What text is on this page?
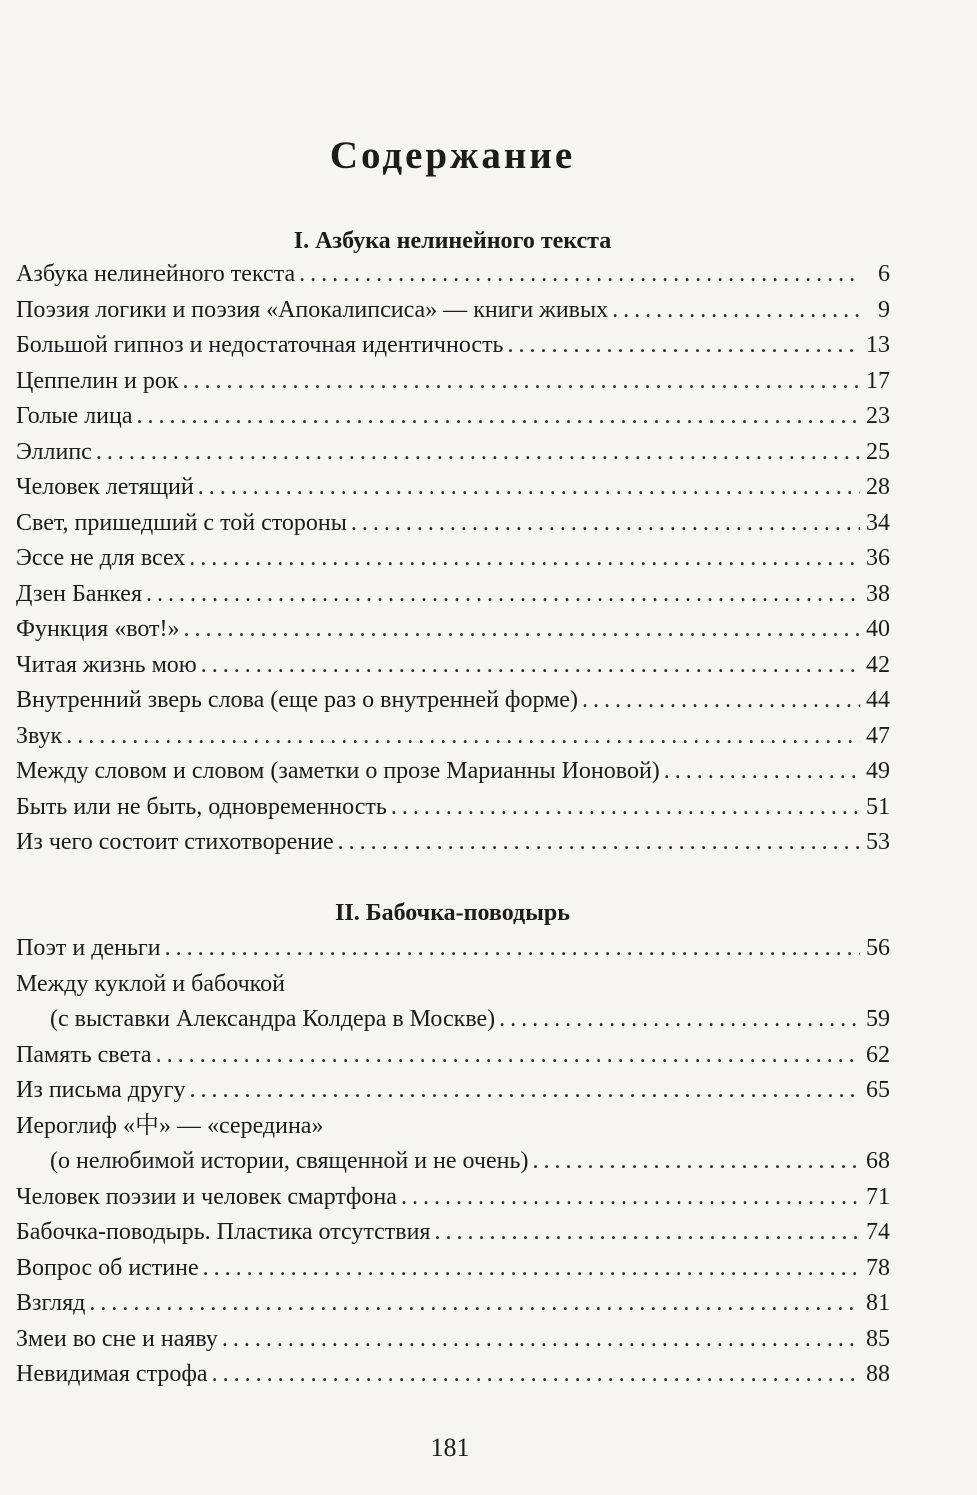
Содержание
I. Азбука нелинейного текста
Азбука нелинейного текста . . .	6
Поэзия логики и поэзия «Апокалипсиса» — книги живых . . .	9
Большой гипноз и недостаточная идентичность . . .	13
Цеппелин и рок . . .	17
Голые лица . . .	23
Эллипс . . .	25
Человек летящий . . .	28
Свет, пришедший с той стороны . . .	34
Эссе не для всех . . .	36
Дзен Банкея . . .	38
Функция «вот!» . . .	40
Читая жизнь мою . . .	42
Внутренний зверь слова (еще раз о внутренней форме) . . .	44
Звук . . .	47
Между словом и словом (заметки о прозе Марианны Ионовой) . . .	49
Быть или не быть, одновременность . . .	51
Из чего состоит стихотворение . . .	53
II. Бабочка-поводырь
Поэт и деньги . . .	56
Между куклой и бабочкой
(с выставки Александра Колдера в Москве) . . .	59
Память света . . .	62
Из письма другу . . .	65
Иероглиф «中» — «середина»
(о нелюбимой истории, священной и не очень) . . .	68
Человек поэзии и человек смартфона . . .	71
Бабочка-поводырь. Пластика отсутствия . . .	74
Вопрос об истине . . .	78
Взгляд . . .	81
Змеи во сне и наяву . . .	85
Невидимая строфа . . .	88
181
